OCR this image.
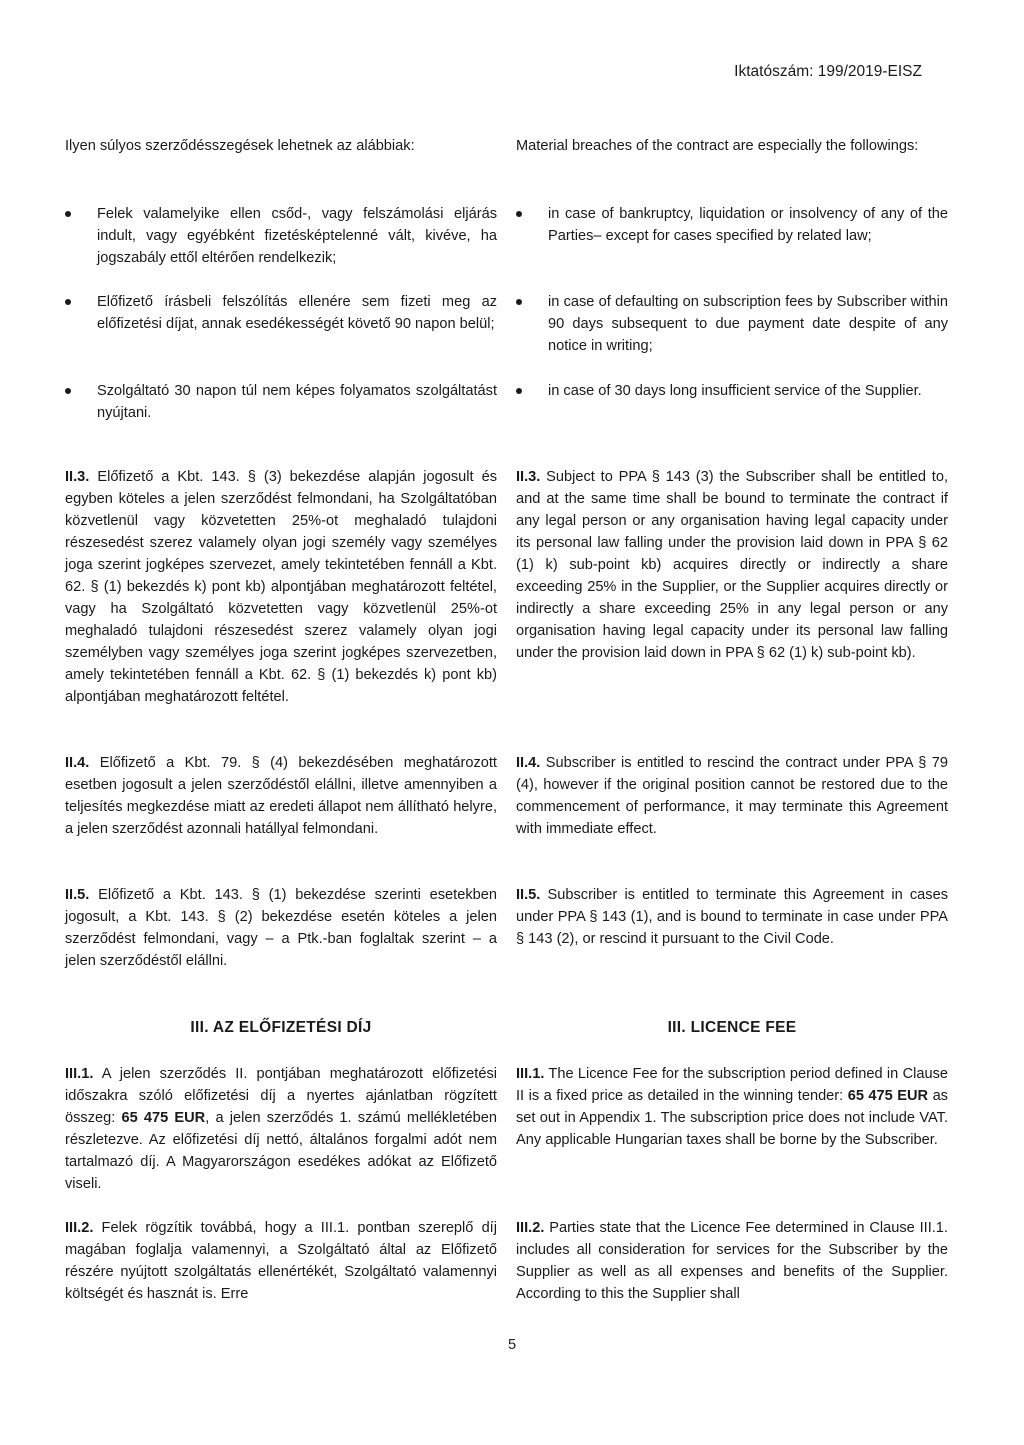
Iktatószám: 199/2019-EISZ

Ilyen súlyos szerződésszegések lehetnek az alábbiak:

Felek valamelyike ellen csőd-, vagy felszámolási eljárás indult, vagy egyébként fizetésképtelenné vált, kivéve, ha jogszabály ettől eltérően rendelkezik;
Előfizető írásbeli felszólítás ellenére sem fizeti meg az előfizetési díjat, annak esedékességét követő 90 napon belül;
Szolgáltató 30 napon túl nem képes folyamatos szolgáltatást nyújtani.

II.3. Előfizető a Kbt. 143. § (3) bekezdése alapján jogosult és egyben köteles a jelen szerződést felmondani, ha Szolgáltatóban közvetlenül vagy közvetetten 25%-ot meghaladó tulajdoni részesedést szerez valamely olyan jogi személy vagy személyes joga szerint jogképes szervezet, amely tekintetében fennáll a Kbt. 62. § (1) bekezdés k) pont kb) alpontjában meghatározott feltétel, vagy ha Szolgáltató közvetetten vagy közvetlenül 25%-ot meghaladó tulajdoni részesedést szerez valamely olyan jogi személyben vagy személyes joga szerint jogképes szervezetben, amely tekintetében fennáll a Kbt. 62. § (1) bekezdés k) pont kb) alpontjában meghatározott feltétel.

II.4. Előfizető a Kbt. 79. § (4) bekezdésében meghatározott esetben jogosult a jelen szerződéstől elállni, illetve amennyiben a teljesítés megkezdése miatt az eredeti állapot nem állítható helyre, a jelen szerződést azonnali hatállyal felmondani.

II.5. Előfizető a Kbt. 143. § (1) bekezdése szerinti esetekben jogosult, a Kbt. 143. § (2) bekezdése esetén köteles a jelen szerződést felmondani, vagy – a Ptk.-ban foglaltak szerint – a jelen szerződéstől elállni.

III. AZ ELŐFIZETÉSI DÍJ

III.1. A jelen szerződés II. pontjában meghatározott előfizetési időszakra szóló előfizetési díj a nyertes ajánlatban rögzített összeg: 65 475 EUR, a jelen szerződés 1. számú mellékletében részletezve. Az előfizetési díj nettó, általános forgalmi adót nem tartalmazó díj. A Magyarországon esedékes adókat az Előfizető viseli.

III.2. Felek rögzítik továbbá, hogy a III.1. pontban szereplő díj magában foglalja valamennyi, a Szolgáltató által az Előfizető részére nyújtott szolgáltatás ellenértékét, Szolgáltató valamennyi költségét és hasznát is. Erre

Material breaches of the contract are especially the followings:

in case of bankruptcy, liquidation or insolvency of any of the Parties– except for cases specified by related law;
in case of defaulting on subscription fees by Subscriber within 90 days subsequent to due payment date despite of any notice in writing;
in case of 30 days long insufficient service of the Supplier.

II.3. Subject to PPA § 143 (3) the Subscriber shall be entitled to, and at the same time shall be bound to terminate the contract if any legal person or any organisation having legal capacity under its personal law falling under the provision laid down in PPA § 62 (1) k) sub-point kb) acquires directly or indirectly a share exceeding 25% in the Supplier, or the Supplier acquires directly or indirectly a share exceeding 25% in any legal person or any organisation having legal capacity under its personal law falling under the provision laid down in PPA § 62 (1) k) sub-point kb).

II.4. Subscriber is entitled to rescind the contract under PPA § 79 (4), however if the original position cannot be restored due to the commencement of performance, it may terminate this Agreement with immediate effect.

II.5. Subscriber is entitled to terminate this Agreement in cases under PPA § 143 (1), and is bound to terminate in case under PPA § 143 (2), or rescind it pursuant to the Civil Code.

III. LICENCE FEE

III.1. The Licence Fee for the subscription period defined in Clause II is a fixed price as detailed in the winning tender: 65 475 EUR as set out in Appendix 1. The subscription price does not include VAT. Any applicable Hungarian taxes shall be borne by the Subscriber.

III.2. Parties state that the Licence Fee determined in Clause III.1. includes all consideration for services for the Subscriber by the Supplier as well as all expenses and benefits of the Supplier. According to this the Supplier shall

5
